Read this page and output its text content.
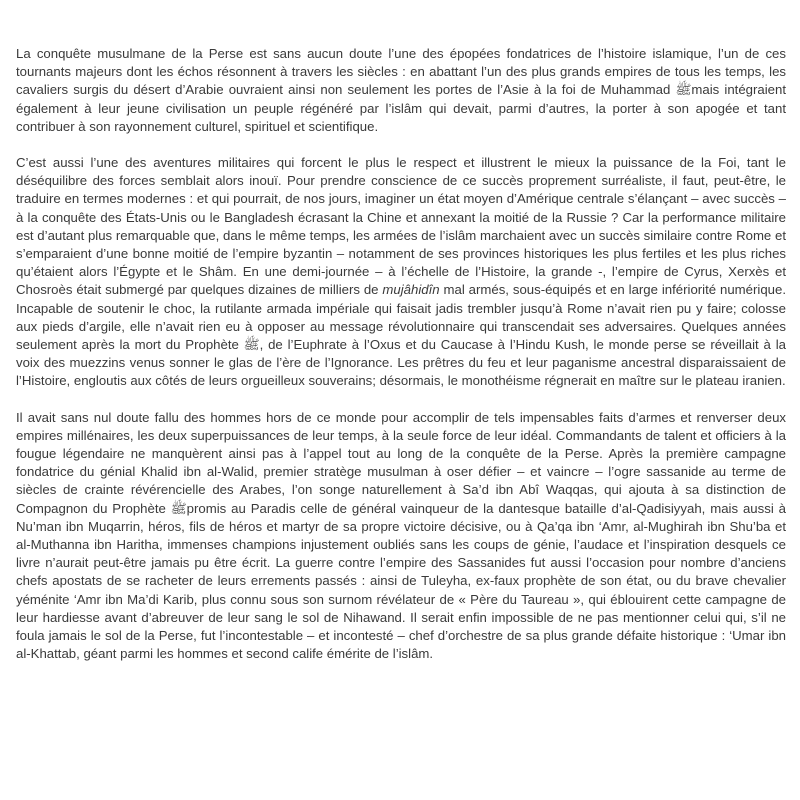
La conquête musulmane de la Perse est sans aucun doute l’une des épopées fondatrices de l’histoire islamique, l’un de ces tournants majeurs dont les échos résonnent à travers les siècles : en abattant l’un des plus grands empires de tous les temps, les cavaliers surgis du désert d’Arabie ouvraient ainsi non seulement les portes de l’Asie à la foi de Muhammad ﷺmais intégraient également à leur jeune civilisation un peuple régénéré par l’islâm qui devait, parmi d’autres, la porter à son apogée et tant contribuer à son rayonnement culturel, spirituel et scientifique.

C’est aussi l’une des aventures militaires qui forcent le plus le respect et illustrent le mieux la puissance de la Foi, tant le déséquilibre des forces semblait alors inouï. Pour prendre conscience de ce succès proprement surréaliste, il faut, peut-être, le traduire en termes modernes : et qui pourrait, de nos jours, imaginer un état moyen d’Amérique centrale s’élançant – avec succès – à la conquête des États-Unis ou le Bangladesh écrasant la Chine et annexant la moitié de la Russie ? Car la performance militaire est d’autant plus remarquable que, dans le même temps, les armées de l’islâm marchaient avec un succès similaire contre Rome et s’emparaient d’une bonne moitié de l’empire byzantin – notamment de ses provinces historiques les plus fertiles et les plus riches qu’étaient alors l’Égypte et le Shâm. En une demi-journée – à l’échelle de l’Histoire, la grande -, l’empire de Cyrus, Xerxès et Chosroès était submergé par quelques dizaines de milliers de mujâhidîn mal armés, sous-équipés et en large infériorité numérique. Incapable de soutenir le choc, la rutilante armada impériale qui faisait jadis trembler jusqu’à Rome n’avait rien pu y faire; colosse aux pieds d’argile, elle n’avait rien eu à opposer au message révolutionnaire qui transcendait ses adversaires. Quelques années seulement après la mort du Prophète ﷺ, de l’Euphrate à l’Oxus et du Caucase à l’Hindu Kush, le monde perse se réveillait à la voix des muezzins venus sonner le glas de l’ère de l’Ignorance. Les prêtres du feu et leur paganisme ancestral disparaissaient de l’Histoire, engloutis aux côtés de leurs orgueilleux souverains; désormais, le monothéisme régnerait en maître sur le plateau iranien.

Il avait sans nul doute fallu des hommes hors de ce monde pour accomplir de tels impensables faits d’armes et renverser deux empires millénaires, les deux superpuissances de leur temps, à la seule force de leur idéal. Commandants de talent et officiers à la fougue légendaire ne manquèrent ainsi pas à l’appel tout au long de la conquête de la Perse. Après la première campagne fondatrice du génial Khalid ibn al-Walid, premier stratège musulman à oser défier – et vaincre – l’ogre sassanide au terme de siècles de crainte révérencielle des Arabes, l’on songe naturellement à Sa’d ibn Abî Waqqas, qui ajouta à sa distinction de Compagnon du Prophète ﷺpromis au Paradis celle de général vainqueur de la dantesque bataille d’al-Qadisiyyah, mais aussi à Nu’man ibn Muqarrin, héros, fils de héros et martyr de sa propre victoire décisive, ou à Qa’qa ibn ‘Amr, al-Mughirah ibn Shu’ba et al-Muthanna ibn Haritha, immenses champions injustement oubliés sans les coups de génie, l’audace et l’inspiration desquels ce livre n’aurait peut-être jamais pu être écrit. La guerre contre l’empire des Sassanides fut aussi l’occasion pour nombre d’anciens chefs apostats de se racheter de leurs errements passés : ainsi de Tuleyha, ex-faux prophète de son état, ou du brave chevalier yéménite ‘Amr ibn Ma’di Karib, plus connu sous son surnom révélateur de « Père du Taureau », qui éblouirent cette campagne de leur hardiesse avant d’abreuver de leur sang le sol de Nihawand. Il serait enfin impossible de ne pas mentionner celui qui, s’il ne foula jamais le sol de la Perse, fut l’incontestable – et incontesté – chef d’orchestre de sa plus grande défaite historique : ‘Umar ibn al-Khattab, géant parmi les hommes et second calife émérite de l’islâm.
